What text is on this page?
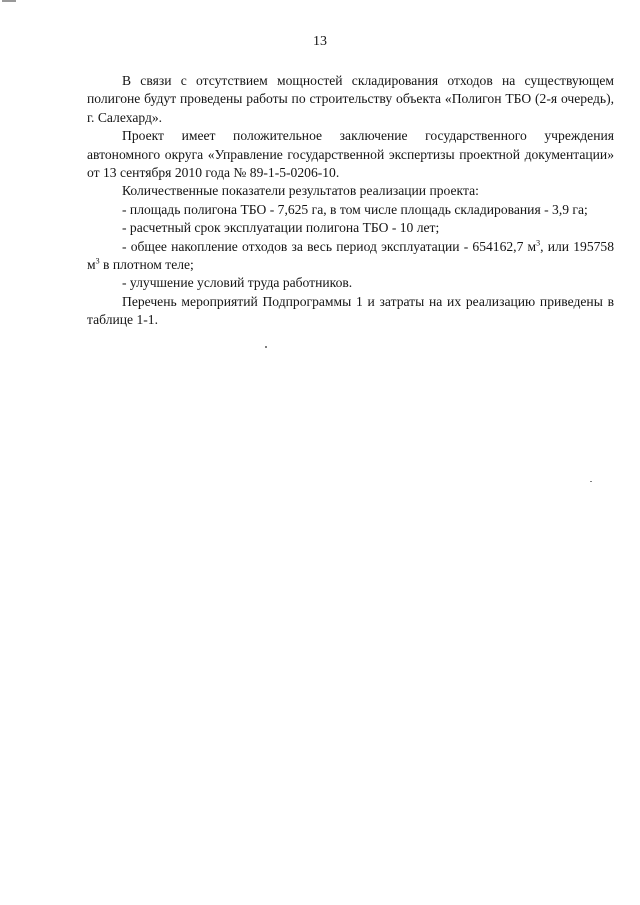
13

В связи с отсутствием мощностей складирования отходов на существующем полигоне будут проведены работы по строительству объекта «Полигон ТБО (2-я очередь), г. Салехард».

Проект имеет положительное заключение государственного учреждения автономного округа «Управление государственной экспертизы проектной документации» от 13 сентября 2010 года № 89-1-5-0206-10.

Количественные показатели результатов реализации проекта:

- площадь полигона ТБО - 7,625 га, в том числе площадь складирования - 3,9 га;

- расчетный срок эксплуатации полигона ТБО - 10 лет;

- общее накопление отходов за весь период эксплуатации - 654162,7 $м^3$, или 195758 $м^3$ в плотном теле;

- улучшение условий труда работников.

Перечень мероприятий Подпрограммы 1 и затраты на их реализацию приведены в таблице 1-1.
